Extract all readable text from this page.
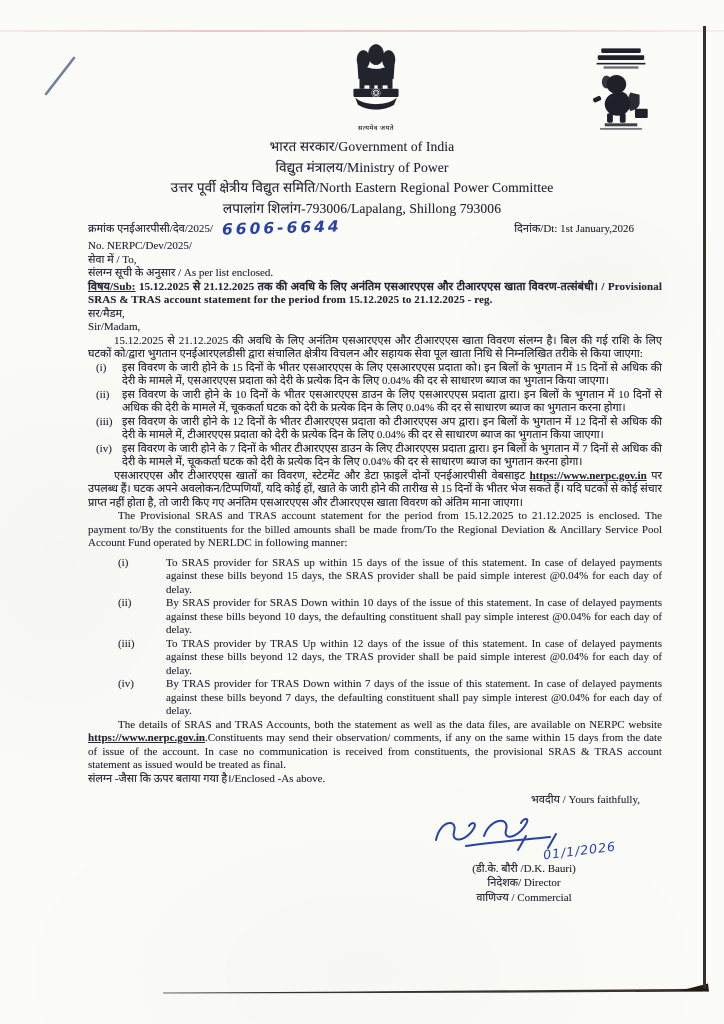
सत्यमेव जयते
भारत सरकार/Government of India
विद्युत मंत्रालय/Ministry of Power
उत्तर पूर्वी क्षेत्रीय विद्युत समिति/North Eastern Regional Power Committee
लपालांग शिलांग-793006/Lapalang, Shillong 793006
क्रमांक एनईआरपीसी/देव/2025/ 6606-6644	दिनांक/Dt: 1st January,2026

No. NERPC/Dev/2025/

सेवा में / To,

संलग्न सूची के अनुसार / As per list enclosed.

विषय/Sub: 15.12.2025 से 21.12.2025 तक की अवधि के लिए अनंतिम एसआरएएस और टीआरएएस खाता विवरण-तत्संबंधी। / Provisional SRAS & TRAS account statement for the period from 15.12.2025 to 21.12.2025 - reg.

सर/मैडम,

Sir/Madam,

15.12.2025 से 21.12.2025 की अवधि के लिए अनंतिम एसआरएएस और टीआरएएस खाता विवरण संलग्न है। बिल की गई राशि के लिए घटकों को/द्वारा भुगतान एनईआरएलडीसी द्वारा संचालित क्षेत्रीय विचलन और सहायक सेवा पूल खाता निधि से निम्नलिखित तरीके से किया जाएगा:

(i) इस विवरण के जारी होने के 15 दिनों के भीतर एसआरएएस के लिए एसआरएएस प्रदाता को। इन बिलों के भुगतान में 15 दिनों से अधिक की देरी के मामले में, एसआरएएस प्रदाता को देरी के प्रत्येक दिन के लिए 0.04% की दर से साधारण ब्याज का भुगतान किया जाएगा।
(ii) इस विवरण के जारी होने के 10 दिनों के भीतर एसआरएएस डाउन के लिए एसआरएएस प्रदाता द्वारा। इन बिलों के भुगतान में 10 दिनों से अधिक की देरी के मामले में, चूककर्ता घटक को देरी के प्रत्येक दिन के लिए 0.04% की दर से साधारण ब्याज का भुगतान करना होगा।
(iii) इस विवरण के जारी होने के 12 दिनों के भीतर टीआरएएस प्रदाता को टीआरएएस अप द्वारा। इन बिलों के भुगतान में 12 दिनों से अधिक की देरी के मामले में, टीआरएएस प्रदाता को देरी के प्रत्येक दिन के लिए 0.04% की दर से साधारण ब्याज का भुगतान किया जाएगा।
(iv) इस विवरण के जारी होने के 7 दिनों के भीतर टीआरएएस डाउन के लिए टीआरएएस प्रदाता द्वारा। इन बिलों के भुगतान में 7 दिनों से अधिक की देरी के मामले में, चूककर्ता घटक को देरी के प्रत्येक दिन के लिए 0.04% की दर से साधारण ब्याज का भुगतान करना होगा।

एसआरएएस और टीआरएएस खातों का विवरण, स्टेटमेंट और डेटा फ़ाइलें दोनों एनईआरपीसी वेबसाइट https://www.nerpc.gov.in पर उपलब्ध हैं। घटक अपने अवलोकन/टिप्पणियाँ, यदि कोई हों, खाते के जारी होने की तारीख से 15 दिनों के भीतर भेज सकते हैं। यदि घटकों से कोई संचार प्राप्त नहीं होता है, तो जारी किए गए अनंतिम एसआरएएस और टीआरएएस खाता विवरण को अंतिम माना जाएगा।

The Provisional SRAS and TRAS account statement for the period from 15.12.2025 to 21.12.2025 is enclosed. The payment to/By the constituents for the billed amounts shall be made from/To the Regional Deviation & Ancillary Service Pool Account Fund operated by NERLDC in following manner:

(i)	To SRAS provider for SRAS up within 15 days of the issue of this statement. In case of delayed payments against these bills beyond 15 days, the SRAS provider shall be paid simple interest @0.04% for each day of delay.
(ii)	By SRAS provider for SRAS Down within 10 days of the issue of this statement. In case of delayed payments against these bills beyond 10 days, the defaulting constituent shall pay simple interest @0.04% for each day of delay.
(iii)	To TRAS provider by TRAS Up within 12 days of the issue of this statement. In case of delayed payments against these bills beyond 12 days, the TRAS provider shall be paid simple interest @0.04% for each day of delay.
(iv)	By TRAS provider for TRAS Down within 7 days of the issue of this statement. In case of delayed payments against these bills beyond 7 days, the defaulting constituent shall pay simple interest @0.04% for each day of delay.

The details of SRAS and TRAS Accounts, both the statement as well as the data files, are available on NERPC website https://www.nerpc.gov.in.Constituents may send their observation/ comments, if any on the same within 15 days from the date of issue of the account. In case no communication is received from constituents, the provisional SRAS & TRAS account statement as issued would be treated as final.

संलग्न -जैसा कि ऊपर बताया गया है।/Enclosed -As above.

भवदीय / Yours faithfully,
01/1/2026
(डी.के. बौरी /D.K. Bauri)
निदेशक/ Director
वाणिज्य / Commercial
